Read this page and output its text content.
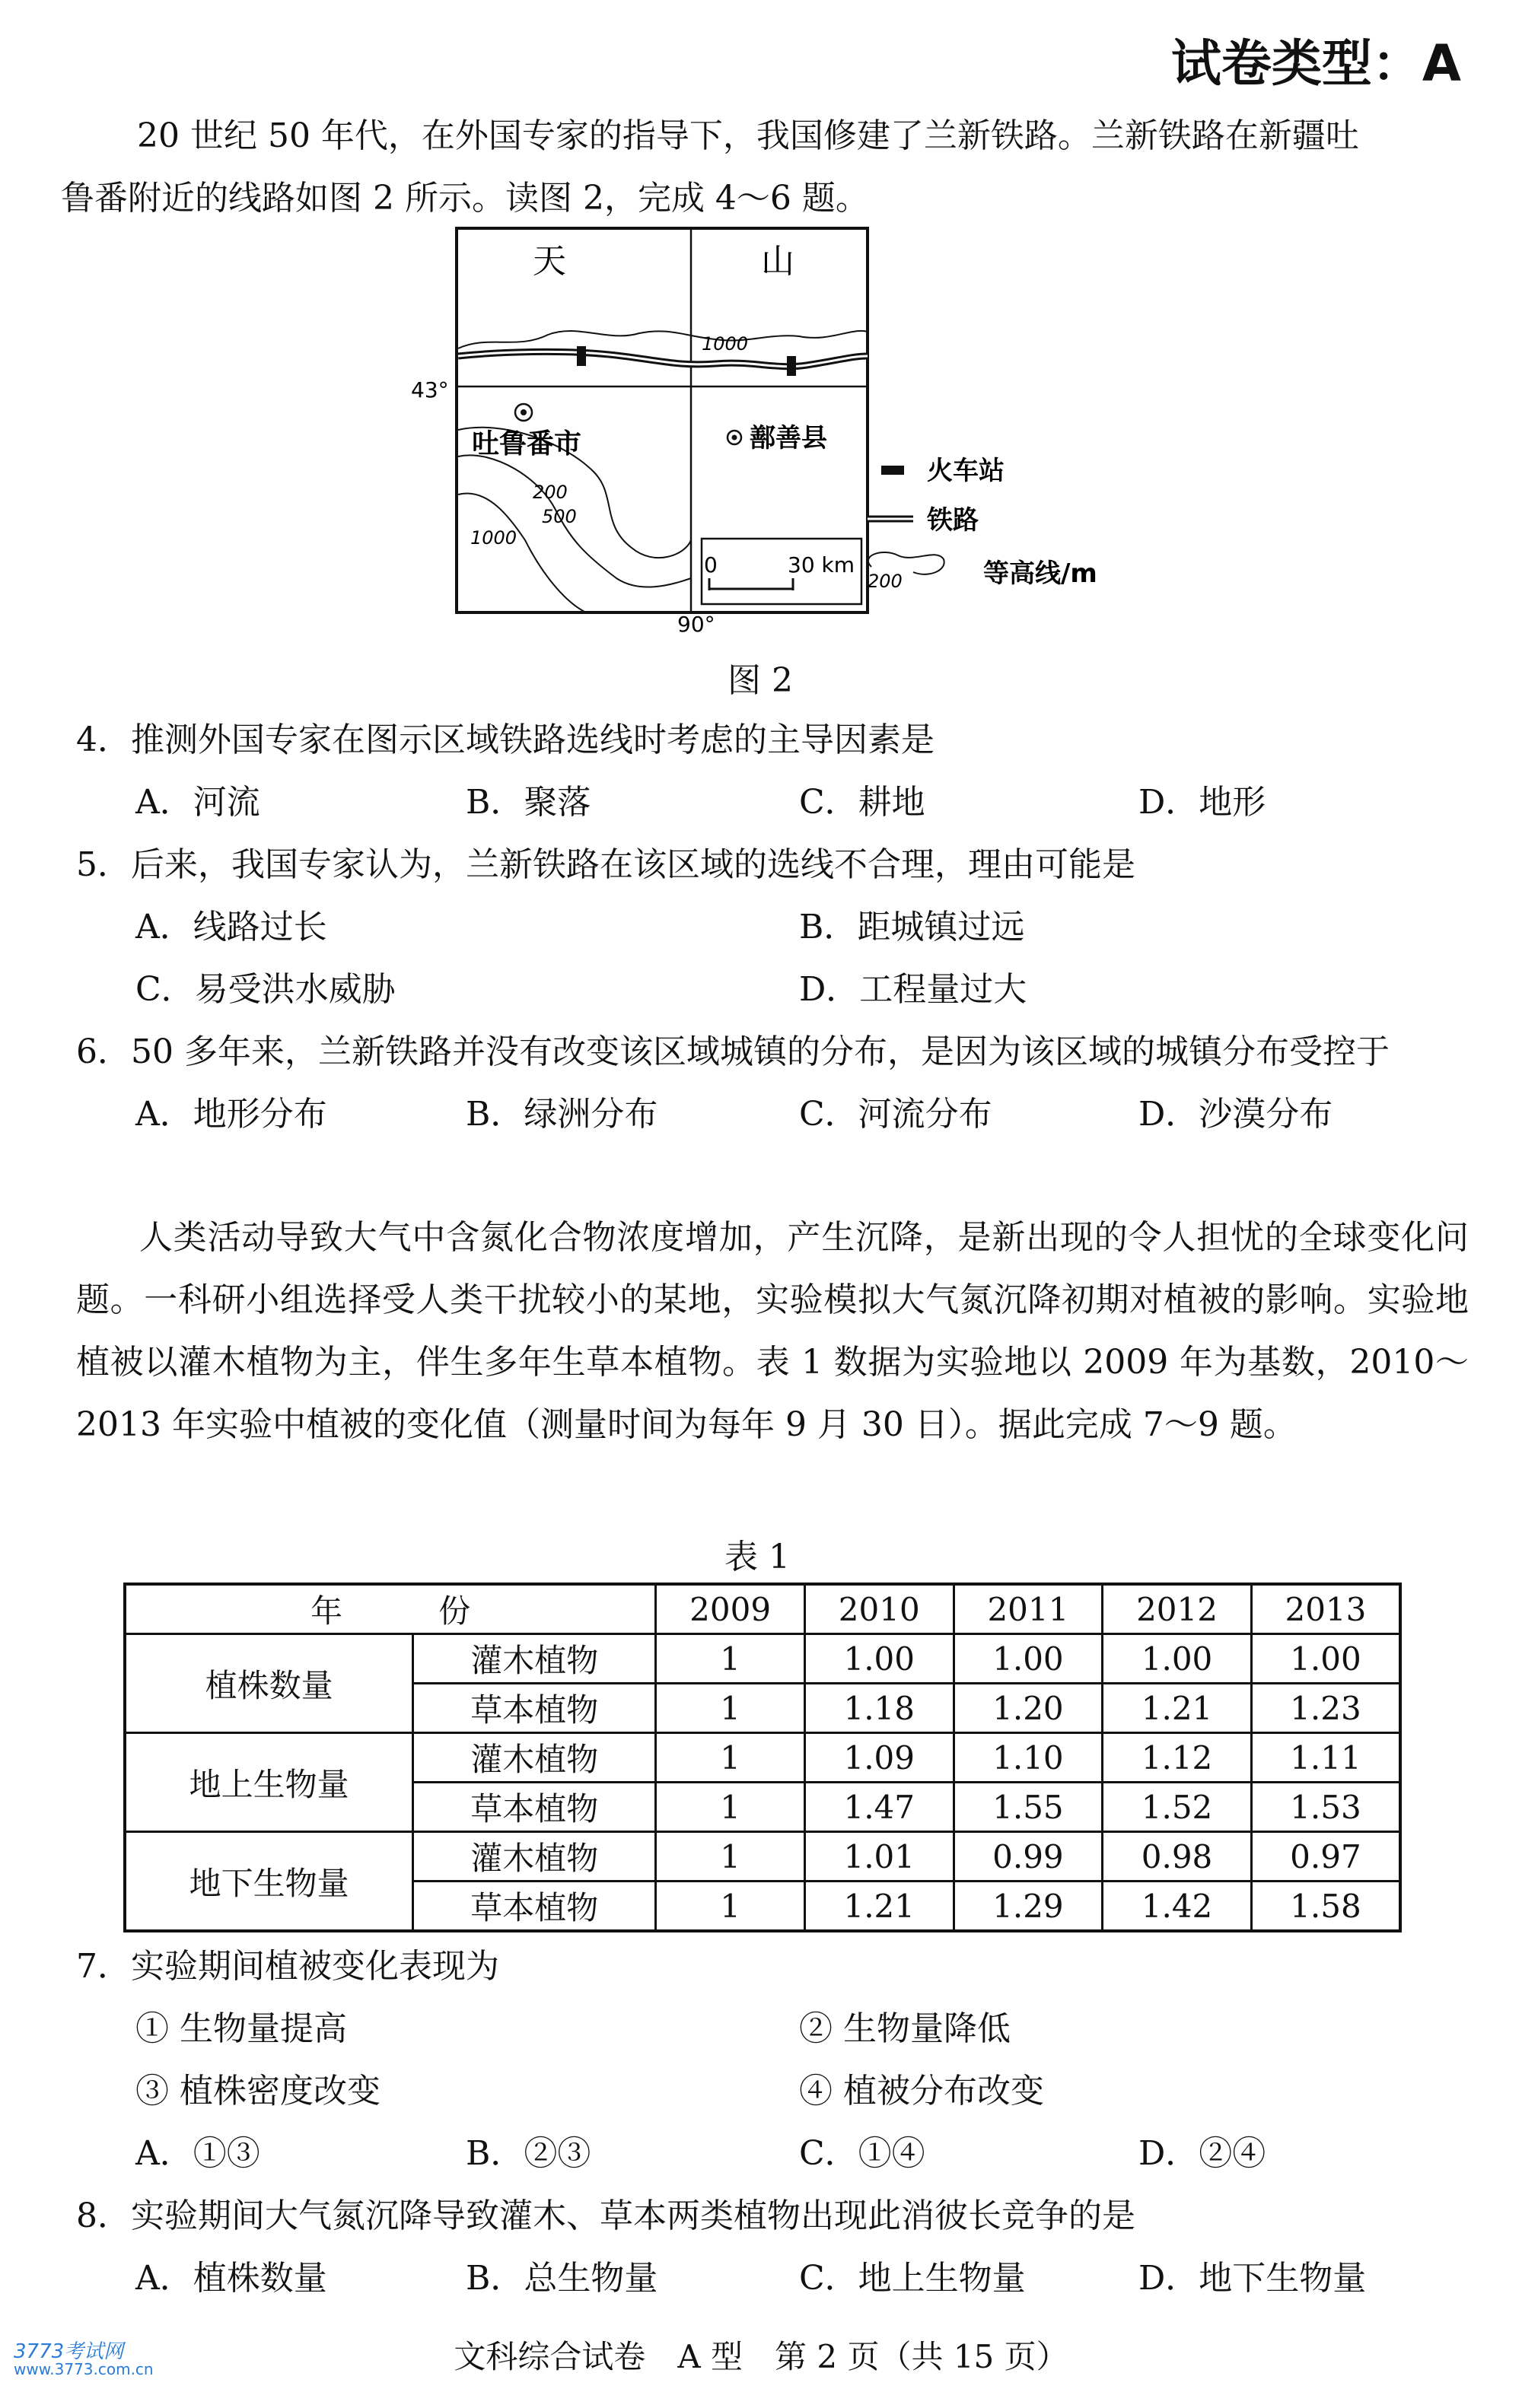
试卷类型：A
20 世纪 50 年代，在外国专家的指导下，我国修建了兰新铁路。兰新铁路在新疆吐
鲁番附近的线路如图 2 所示。读图 2，完成 4～6 题。
天	山
1000
200
500
1000
吐鲁番市	鄯善县
43°
90°
0	30 km
火车站
铁路
200	等高线/m
图 2
4．推测外国专家在图示区域铁路选线时考虑的主导因素是
A．河流	B．聚落	C．耕地	D．地形
5．后来，我国专家认为，兰新铁路在该区域的选线不合理，理由可能是
A．线路过长	B．距城镇过远
C．易受洪水威胁	D．工程量过大
6．50 多年来，兰新铁路并没有改变该区域城镇的分布，是因为该区域的城镇分布受控于
A．地形分布	B．绿洲分布	C．河流分布	D．沙漠分布
人类活动导致大气中含氮化合物浓度增加，产生沉降，是新出现的令人担忧的全球变化问题。一科研小组选择受人类干扰较小的某地，实验模拟大气氮沉降初期对植被的影响。实验地植被以灌木植物为主，伴生多年生草本植物。表 1 数据为实验地以 2009 年为基数，2010～2013 年实验中植被的变化值（测量时间为每年 9 月 30 日）。据此完成 7～9 题。
表 1
年　　　份		2009	2010	2011	2012	2013
植株数量	灌木植物	1	1.00	1.00	1.00	1.00
	草本植物	1	1.18	1.20	1.21	1.23
地上生物量	灌木植物	1	1.09	1.10	1.12	1.11
	草本植物	1	1.47	1.55	1.52	1.53
地下生物量	灌木植物	1	1.01	0.99	0.98	0.97
	草本植物	1	1.21	1.29	1.42	1.58
7．实验期间植被变化表现为
① 生物量提高	② 生物量降低
③ 植株密度改变	④ 植被分布改变
A．①③	B．②③	C．①④	D．②④
8．实验期间大气氮沉降导致灌木、草本两类植物出现此消彼长竞争的是
A．植株数量	B．总生物量	C．地上生物量	D．地下生物量
文科综合试卷　A 型　第 2 页（共 15 页）
3773考试网
www.3773.com.cn
